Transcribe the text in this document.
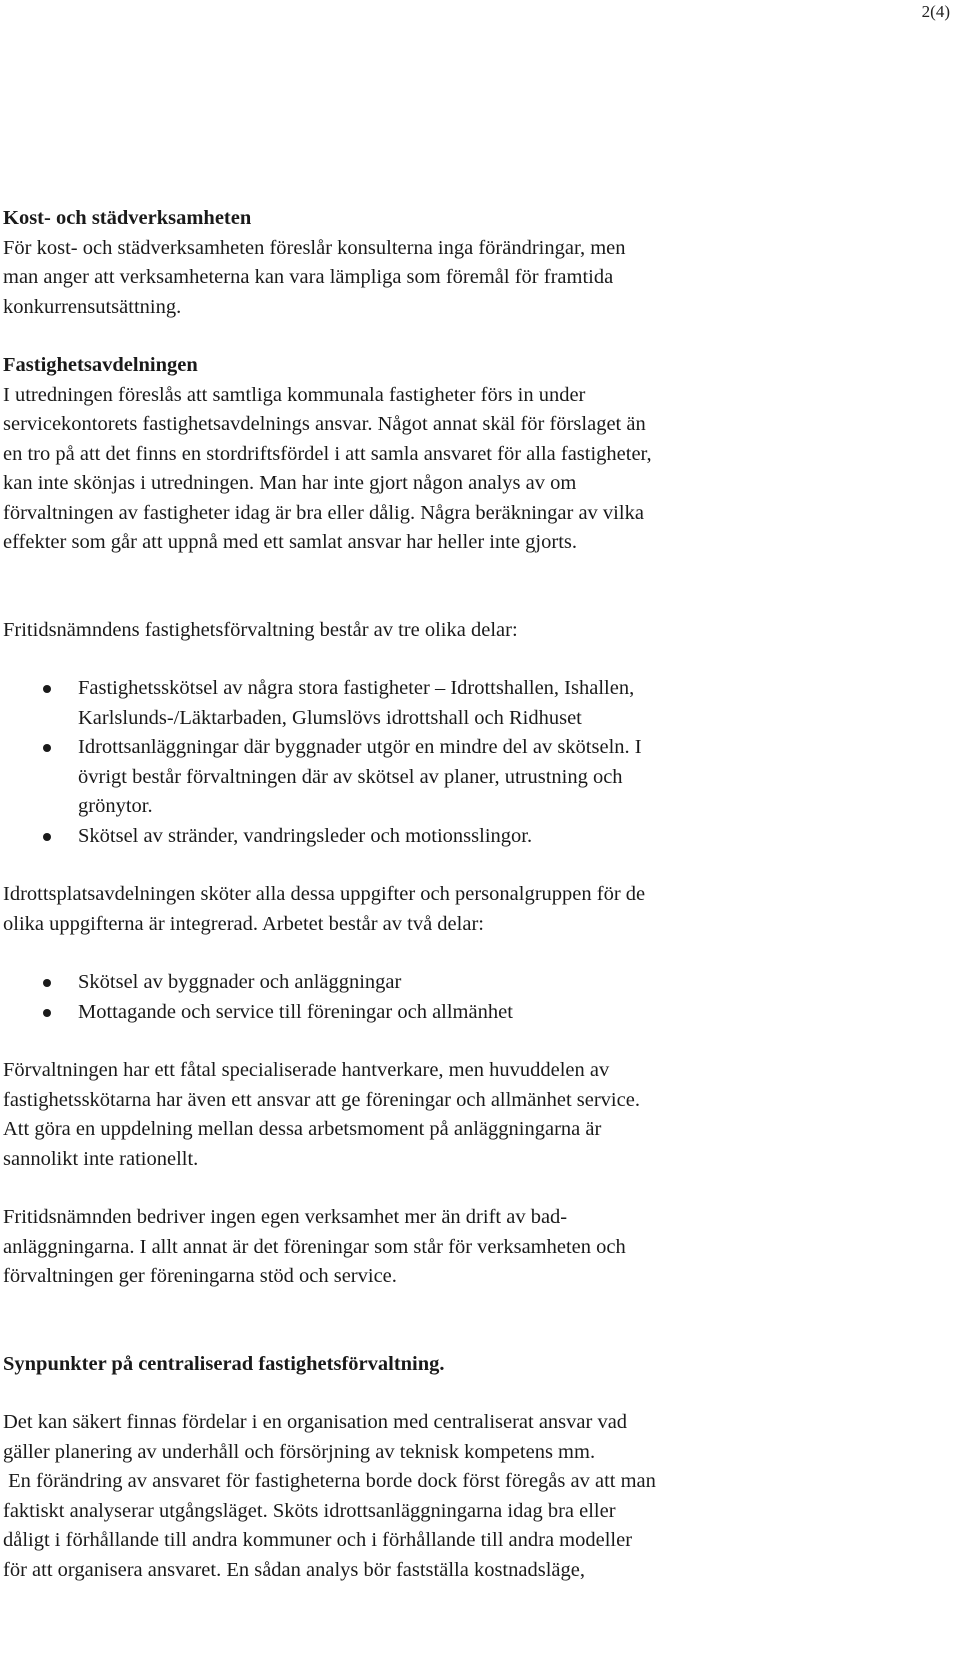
2(4)

Kost- och städverksamheten
För kost- och städverksamheten föreslår konsulterna inga förändringar, men
man anger att verksamheterna kan vara lämpliga som föremål för framtida
konkurrensutsättning.

Fastighetsavdelningen
I utredningen föreslås att samtliga kommunala fastigheter förs in under
servicekontorets fastighetsavdelnings ansvar. Något annat skäl för förslaget än
en tro på att det finns en stordriftsfördel i att samla ansvaret för alla fastigheter,
kan inte skönjas i utredningen. Man har inte gjort någon analys av om
förvaltningen av fastigheter idag är bra eller dålig. Några beräkningar av vilka
effekter som går att uppnå med ett samlat ansvar har heller inte gjorts.

Fritidsnämndens fastighetsförvaltning består av tre olika delar:

Fastighetsskötsel av några stora fastigheter – Idrottshallen, Ishallen,
Karlslunds-/Läktarbaden, Glumslövs idrottshall och Ridhuset
Idrottsanläggningar där byggnader utgör en mindre del av skötseln. I
övrigt består förvaltningen där av skötsel av planer, utrustning och
grönytor.
Skötsel av stränder, vandringsleder och motionsslingor.

Idrottsplatsavdelningen sköter alla dessa uppgifter och personalgruppen för de
olika uppgifterna är integrerad. Arbetet består av två delar:

Skötsel av byggnader och anläggningar
Mottagande och service till föreningar och allmänhet

Förvaltningen har ett fåtal specialiserade hantverkare, men huvuddelen av
fastighetsskötarna har även ett ansvar att ge föreningar och allmänhet service.
Att göra en uppdelning mellan dessa arbetsmoment på anläggningarna är
sannolikt inte rationellt.

Fritidsnämnden bedriver ingen egen verksamhet mer än drift av bad-
anläggningarna. I allt annat är det föreningar som står för verksamheten och
förvaltningen ger föreningarna stöd och service.

Synpunkter på centraliserad fastighetsförvaltning.

Det kan säkert finnas fördelar i en organisation med centraliserat ansvar vad
gäller planering av underhåll och försörjning av teknisk kompetens mm.
En förändring av ansvaret för fastigheterna borde dock först föregås av att man
faktiskt analyserar utgångsläget. Sköts idrottsanläggningarna idag bra eller
dåligt i förhållande till andra kommuner och i förhållande till andra modeller
för att organisera ansvaret. En sådan analys bör fastställa kostnadsläge,
